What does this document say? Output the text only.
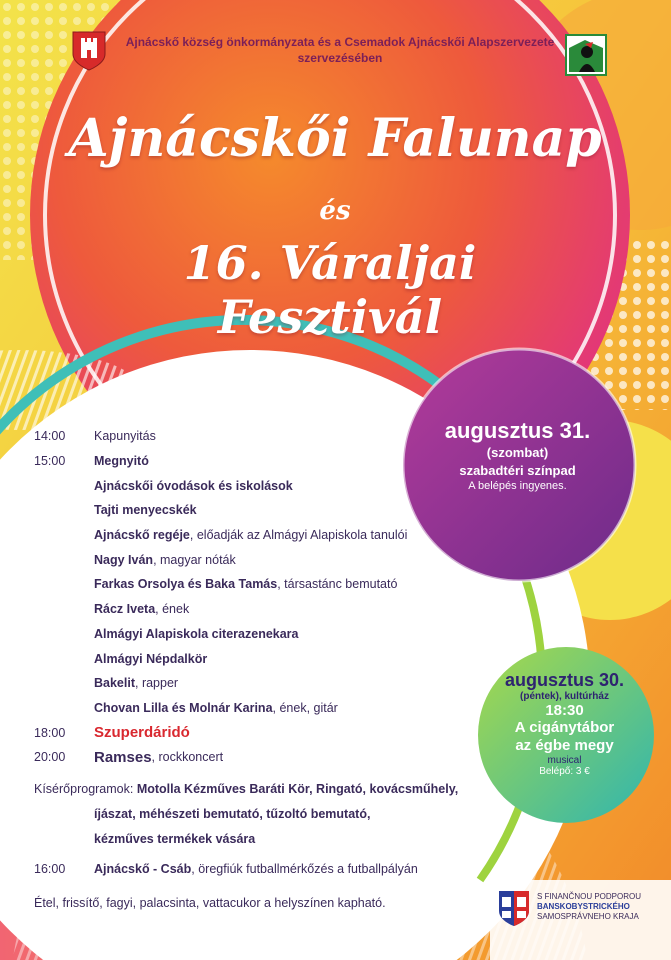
Ajnácskő község önkormányzata és a Csemadok Ajnácskői Alapszervezete
szervezésében
Ajnácskői Falunap
és
16. Váraljai Fesztivál
augusztus 31.
(szombat)
szabadtéri színpad
A belépés ingyenes.
augusztus 30.
(péntek), kultúrház
18:30
A cigánytábor
az égbe megy
musical
Belépő: 3 €
14:00	Kapunyitás
15:00	Megnyitó
Ajnácskői óvodások és iskolások
Tajti menyecskék
Ajnácskő regéje , előadják az Almágyi Alapiskola tanulói
Nagy Iván , magyar nóták
Farkas Orsolya és Baka Tamás , társastánc bemutató
Rácz Iveta , ének
Almágyi Alapiskola citerazenekara
Almágyi Népdalkör
Bakelit , rapper
Chovan Lilla és Molnár Karina , ének, gitár
18:00	Szuperdáridó
20:00	Ramses , rockkoncert
Kísérőprogramok: Motolla Kézműves Baráti Kör, Ringató, kovácsműhely,
íjászat, méhészeti bemutató, tűzoltó bemutató,
kézműves termékek vására
16:00	Ajnácskő - Csáb , öregfiúk futballmérkőzés a futballpályán
Étel, frissítő, fagyi, palacsinta, vattacukor a helyszínen kapható.	S FINANČNOU PODPOROU
BANSKOBYSTRICKÉHO
SAMOSPRÁVNEHO KRAJA
